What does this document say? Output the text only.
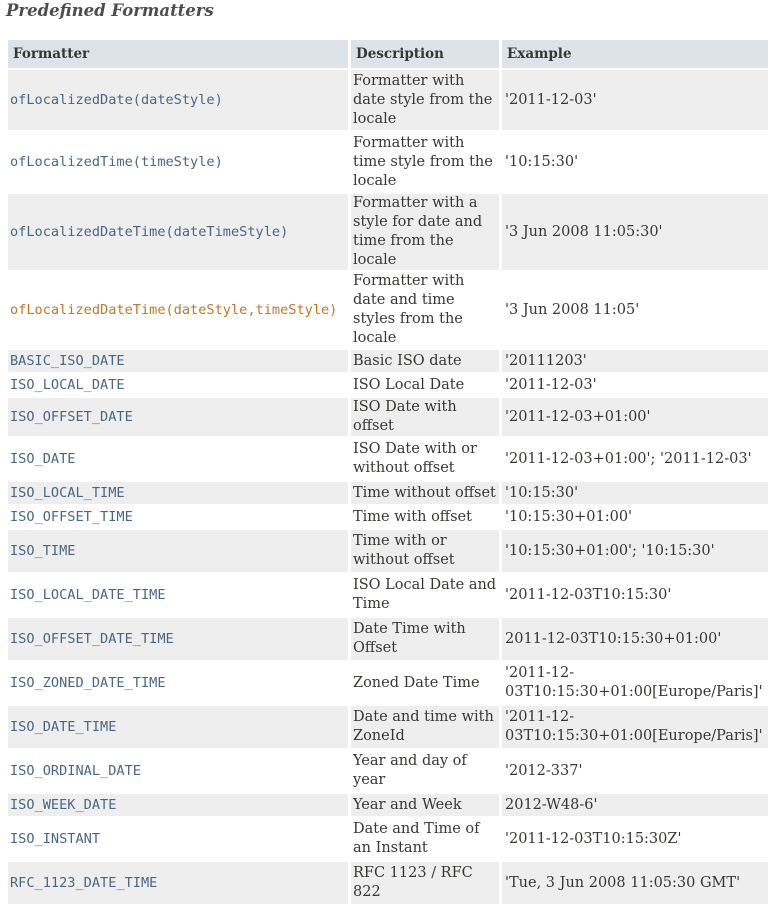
Predefined Formatters
Formatter	Description	Example
ofLocalizedDate(dateStyle)	Formatter with date style from the locale	'2011-12-03'
ofLocalizedTime(timeStyle)	Formatter with time style from the locale	'10:15:30'
ofLocalizedDateTime(dateTimeStyle)	Formatter with a style for date and time from the locale	'3 Jun 2008 11:05:30'
ofLocalizedDateTime(dateStyle,timeStyle)	Formatter with date and time styles from the locale	'3 Jun 2008 11:05'
BASIC_ISO_DATE	Basic ISO date	'20111203'
ISO_LOCAL_DATE	ISO Local Date	'2011-12-03'
ISO_OFFSET_DATE	ISO Date with offset	'2011-12-03+01:00'
ISO_DATE	ISO Date with or without offset	'2011-12-03+01:00'; '2011-12-03'
ISO_LOCAL_TIME	Time without offset	'10:15:30'
ISO_OFFSET_TIME	Time with offset	'10:15:30+01:00'
ISO_TIME	Time with or without offset	'10:15:30+01:00'; '10:15:30'
ISO_LOCAL_DATE_TIME	ISO Local Date and Time	'2011-12-03T10:15:30'
ISO_OFFSET_DATE_TIME	Date Time with Offset	2011-12-03T10:15:30+01:00'
ISO_ZONED_DATE_TIME	Zoned Date Time	'2011-12-03T10:15:30+01:00[Europe/Paris]'
ISO_DATE_TIME	Date and time with ZoneId	'2011-12-03T10:15:30+01:00[Europe/Paris]'
ISO_ORDINAL_DATE	Year and day of year	'2012-337'
ISO_WEEK_DATE	Year and Week	2012-W48-6'
ISO_INSTANT	Date and Time of an Instant	'2011-12-03T10:15:30Z'
RFC_1123_DATE_TIME	RFC 1123 / RFC 822	'Tue, 3 Jun 2008 11:05:30 GMT'
